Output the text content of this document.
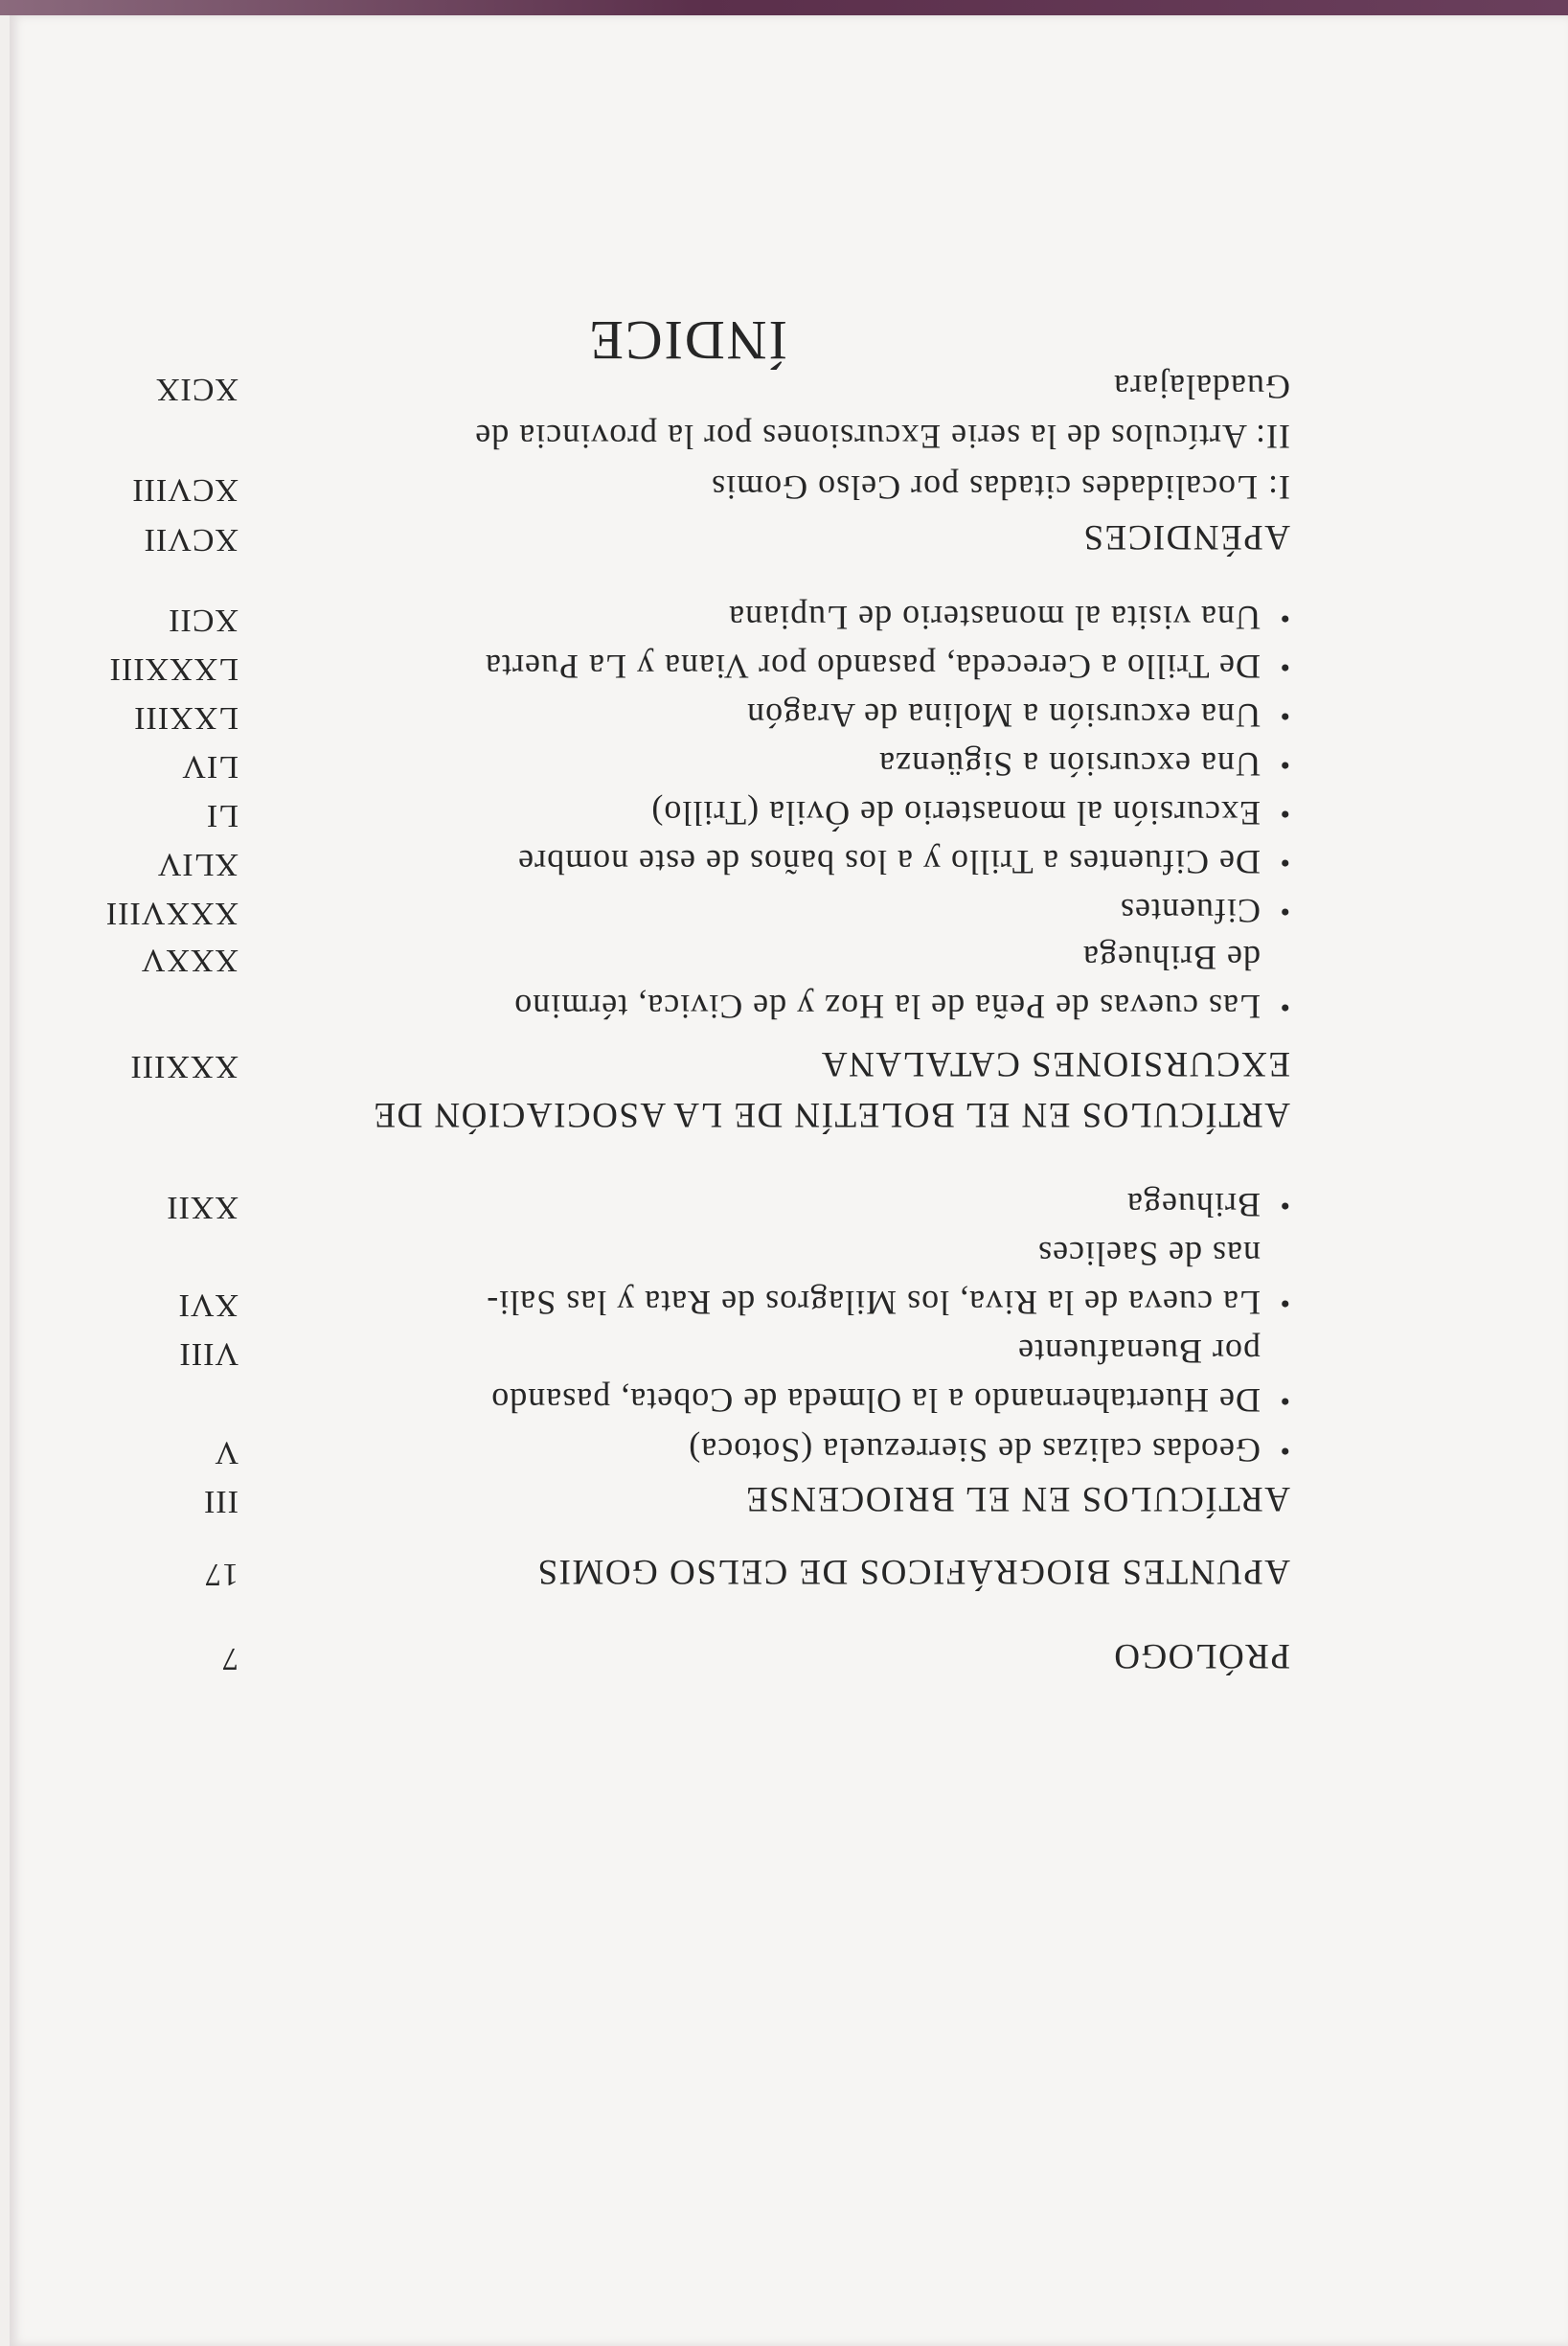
ÍNDICE
PRÓLOGO
7
APUNTES BIOGRÁFICOS DE CELSO GOMIS
17
ARTÍCULOS EN EL BRIOCENSE
III
•
Geodas calizas de Sierrezuela (Sotoca)
V
•
De Huertahernando a la Olmeda de Cobeta, pasando
por Buenafuente
VIII
•
La cueva de la Riva, los Milagros de Rata y las Sali-
nas de Saelices
XVI
•
Brihuega
XXII
ARTÍCULOS EN EL BOLETÍN DE LA ASOCIACIÓN DE
EXCURSIONES CATALANA
XXXIII
•
Las cuevas de Peña de la Hoz y de Civica, término
de Brihuega
XXXV
•
Cifuentes
XXXVIII
•
De Cifuentes a Trillo y a los baños de este nombre
XLIV
•
Excursión al monasterio de Óvila (Trillo)
LI
•
Una excursión a Sigüenza
LIV
•
Una excursión a Molina de Aragón
LXXIII
•
De Trillo a Cereceda, pasando por Viana y La Puerta
LXXXIII
•
Una visita al monasterio de Lupiana
XCII
APÉNDICES
XCVII
I: Localidades citadas por Celso Gomis
XCVIII
II: Artículos de la serie Excursiones por la provincia de
Guadalajara
XCIX
